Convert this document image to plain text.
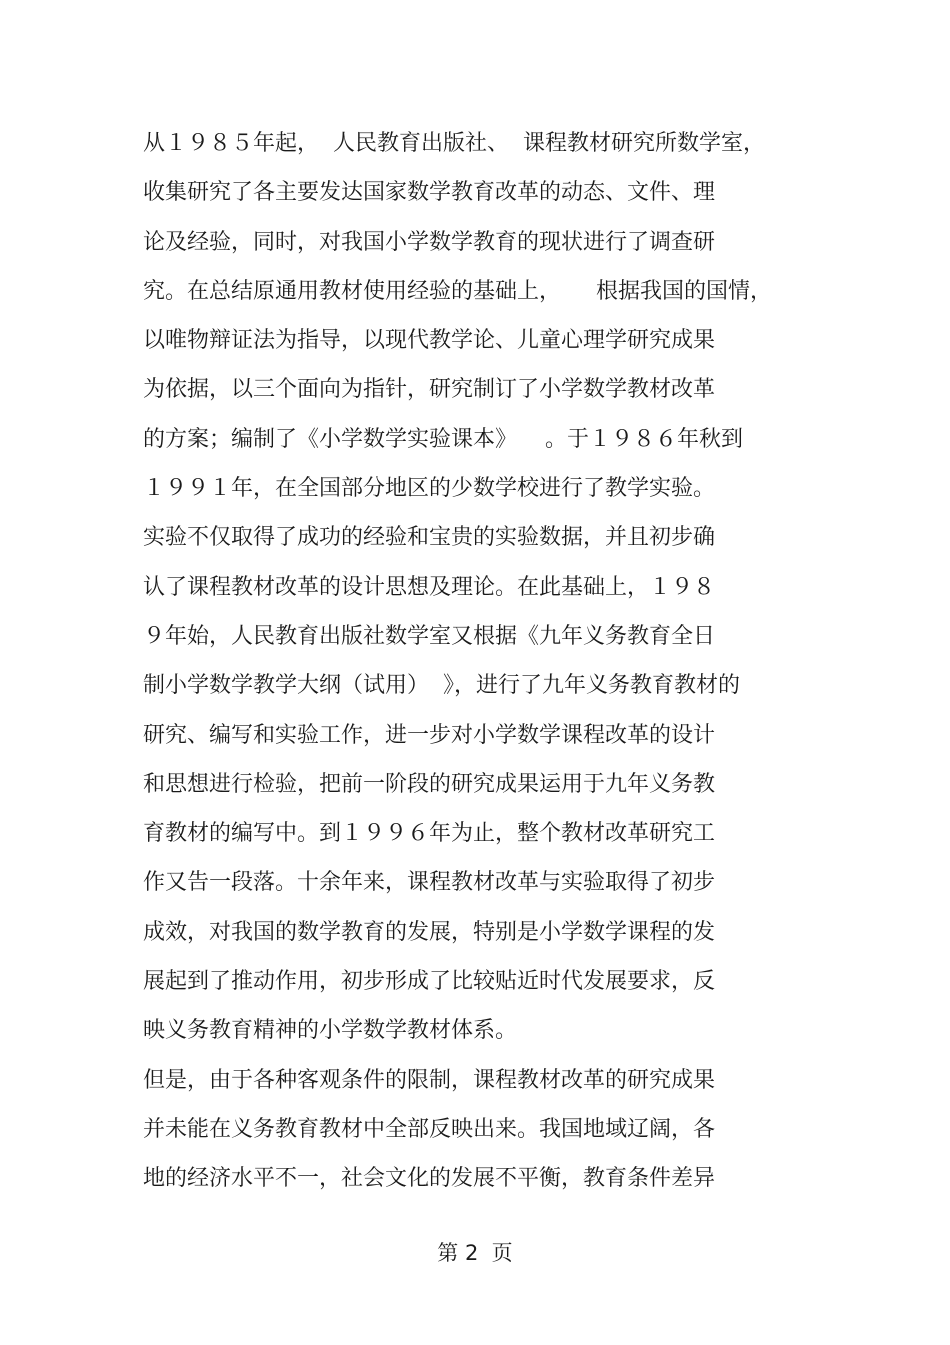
从１９８５年起，  人民教育出版社、  课程教材研究所数学室，
收集研究了各主要发达国家数学教育改革的动态、文件、理
论及经验，同时，对我国小学数学教育的现状进行了调查研
究。在总结原通用教材使用经验的基础上，     根据我国的国情，
以唯物辩证法为指导，以现代教学论、儿童心理学研究成果
为依据，以三个面向为指针，研究制订了小学数学教材改革
的方案；编制了《小学数学实验课本》    。于１９８６年秋到
１９９１年，在全国部分地区的少数学校进行了教学实验。
实验不仅取得了成功的经验和宝贵的实验数据，并且初步确
认了课程教材改革的设计思想及理论。在此基础上，１９８
９年始，人民教育出版社数学室又根据《九年义务教育全日
制小学数学教学大纲（试用）  》，进行了九年义务教育教材的
研究、编写和实验工作，进一步对小学数学课程改革的设计
和思想进行检验，把前一阶段的研究成果运用于九年义务教
育教材的编写中。到１９９６年为止，整个教材改革研究工
作又告一段落。十余年来，课程教材改革与实验取得了初步
成效，对我国的数学教育的发展，特别是小学数学课程的发
展起到了推动作用，初步形成了比较贴近时代发展要求，反
映义务教育精神的小学数学教材体系。
但是，由于各种客观条件的限制，课程教材改革的研究成果
并未能在义务教育教材中全部反映出来。我国地域辽阔，各
地的经济水平不一，社会文化的发展不平衡，教育条件差异
第 2  页
